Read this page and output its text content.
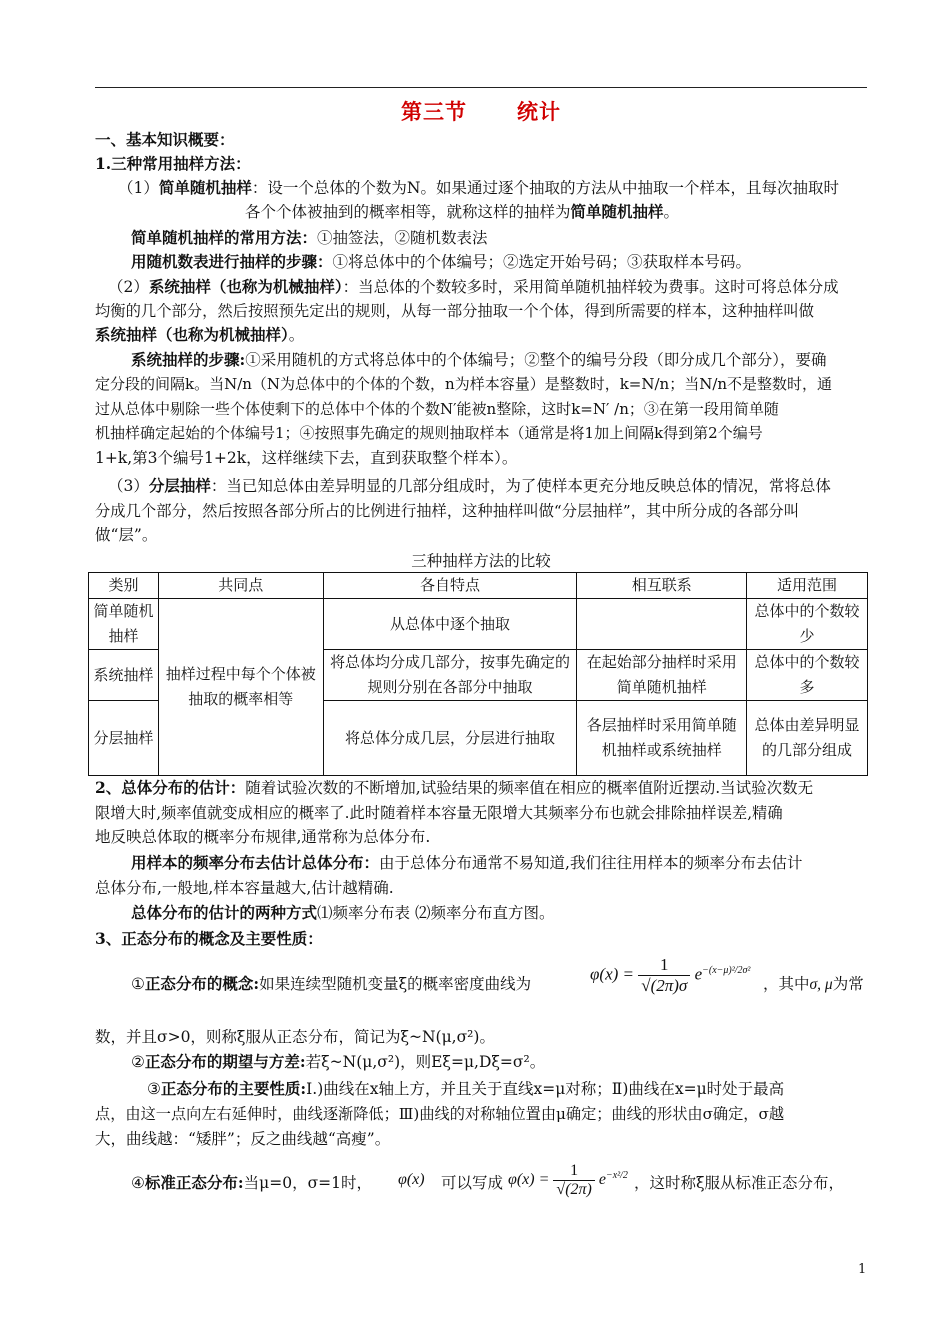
第三节 统计
一、基本知识概要：
1.三种常用抽样方法：
（1）简单随机抽样：设一个总体的个数为N。如果通过逐个抽取的方法从中抽取一个样本，且每次抽取时
各个个体被抽到的概率相等，就称这样的抽样为简单随机抽样。
简单随机抽样的常用方法：①抽签法，②随机数表法
用随机数表进行抽样的步骤：①将总体中的个体编号；②选定开始号码；③获取样本号码。
（2）系统抽样（也称为机械抽样）：当总体的个数较多时，采用简单随机抽样较为费事。这时可将总体分成
均衡的几个部分，然后按照预先定出的规则，从每一部分抽取一个个体，得到所需要的样本，这种抽样叫做
系统抽样（也称为机械抽样）。
系统抽样的步骤:①采用随机的方式将总体中的个体编号；②整个的编号分段（即分成几个部分），要确
定分段的间隔k。当N/n（N为总体中的个体的个数，n为样本容量）是整数时，k=N/n；当N/n不是整数时，通
过从总体中剔除一些个体使剩下的总体中个体的个数N′能被n整除，这时k=N′ /n；③在第一段用简单随
机抽样确定起始的个体编号1；④按照事先确定的规则抽取样本（通常是将1加上间隔k得到第2个编号
1+k,第3个编号1+2k，这样继续下去，直到获取整个样本）。
（3）分层抽样：当已知总体由差异明显的几部分组成时，为了使样本更充分地反映总体的情况，常将总体
分成几个部分，然后按照各部分所占的比例进行抽样，这种抽样叫做“分层抽样”，其中所分成的各部分叫
做“层”。
三种抽样方法的比较
类别	共同点	各自特点	相互联系	适用范围
简单随机抽样	抽样过程中每个个体被抽取的概率相等	从总体中逐个抽取		总体中的个数较少
系统抽样		将总体均分成几部分，按事先确定的规则分别在各部分中抽取	在起始部分抽样时采用简单随机抽样	总体中的个数较多
分层抽样		将总体分成几层，分层进行抽取	各层抽样时采用简单随机抽样或系统抽样	总体由差异明显的几部分组成
2、总体分布的估计：随着试验次数的不断增加,试验结果的频率值在相应的概率值附近摆动.当试验次数无
限增大时,频率值就变成相应的概率了.此时随着样本容量无限增大其频率分布也就会排除抽样误差,精确
地反映总体取的概率分布规律,通常称为总体分布.
用样本的频率分布去估计总体分布：由于总体分布通常不易知道,我们往往用样本的频率分布去估计
总体分布,一般地,样本容量越大,估计越精确.
总体分布的估计的两种方式⑴频率分布表 ⑵频率分布直方图。
3、正态分布的概念及主要性质：
①正态分布的概念:如果连续型随机变量ξ的概率密度曲线为
$\varphi(x) = \frac{1}{√(2\pi)\sigma} e^{-(x-\mu)^2/2\sigma^2}$
，其中σ, μ为常
数，并且σ>0，则称ξ服从正态分布，简记为ξ~N(μ,σ²)。
②正态分布的期望与方差:若ξ~N(μ,σ²)，则Eξ=μ,Dξ=σ²。
③正态分布的主要性质:Ⅰ.)曲线在x轴上方，并且关于直线x=μ对称；Ⅱ)曲线在x=μ时处于最高
点，由这一点向左右延伸时，曲线逐渐降低；Ⅲ)曲线的对称轴位置由μ确定；曲线的形状由σ确定，σ越
大，曲线越：“矮胖”；反之曲线越“高瘦”。
④标准正态分布:当μ=0，σ=1时，	φ(x) 可以写成 $\varphi(x) = \frac{1}{√(2\pi)} e^{-x^2/2}$ ，这时称ξ服从标准正态分布，
1
